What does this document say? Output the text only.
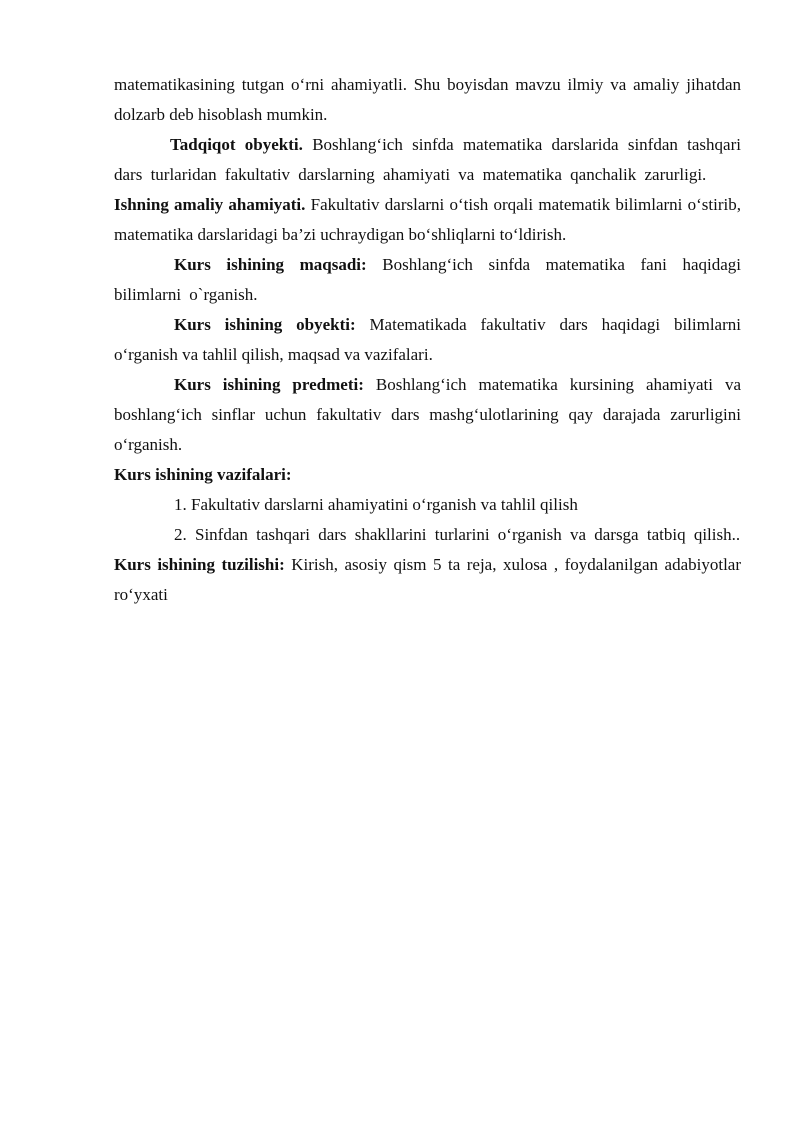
matematikasining tutgan o‘rni ahamiyatli. Shu boyisdan mavzu ilmiy va amaliy jihatdan dolzarb deb hisoblash mumkin.

Tadqiqot obyekti. Boshlang‘ich sinfda matematika darslarida sinfdan tashqari dars turlaridan fakultativ darslarning ahamiyati va matematika qanchalik zarurligi.

Ishning amaliy ahamiyati. Fakultativ darslarni o‘tish orqali matematik bilimlarni o‘stirib, matematika darslaridagi ba’zi uchraydigan bo‘shliqlarni to‘ldirish.

Kurs ishining maqsadi: Boshlang‘ich sinfda matematika fani haqidagi bilimlarni o`rganish.

Kurs ishining obyekti: Matematikada fakultativ dars haqidagi bilimlarni o‘rganish va tahlil qilish, maqsad va vazifalari.

Kurs ishining predmeti: Boshlang‘ich matematika kursining ahamiyati va boshlang‘ich sinflar uchun fakultativ dars mashg‘ulotlarining qay darajada zarurligini o‘rganish.

Kurs ishining vazifalari:

1. Fakultativ darslarni ahamiyatini o‘rganish va tahlil qilish

2. Sinfdan tashqari dars shakllarini turlarini o‘rganish va darsga tatbiq qilish..

Kurs ishining tuzilishi: Kirish, asosiy qism 5 ta reja, xulosa , foydalanilgan adabiyotlar ro‘yxati
